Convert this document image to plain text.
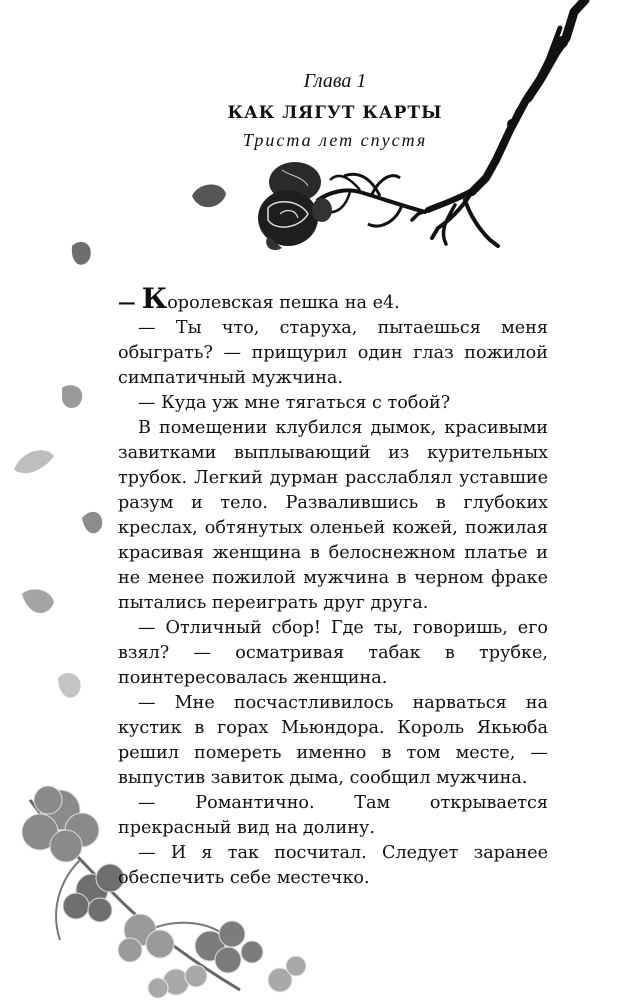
Глава 1
КАК ЛЯГУТ КАРТЫ
Триста лет спустя

— Королевская пешка на е4.

— Ты что, старуха, пытаешься меня обыграть? — прищурил один глаз пожилой симпатичный мужчина.

— Куда уж мне тягаться с тобой?

В помещении клубился дымок, красивыми завитками выплывающий из курительных трубок. Легкий дурман расслаблял уставшие разум и тело. Развалившись в глубоких креслах, обтянутых оленьей кожей, пожилая красивая женщина в белоснежном платье и не менее пожилой мужчина в черном фраке пытались переиграть друг друга.

— Отличный сбор! Где ты, говоришь, его взял? — осматривая табак в трубке, поинтересовалась женщина.

— Мне посчастливилось нарваться на кустик в горах Мьюндора. Король Якьюба решил помереть именно в том месте, — выпустив завиток дыма, сообщил мужчина.

— Романтично. Там открывается прекрасный вид на долину.

— И я так посчитал. Следует заранее обеспечить себе местечко.
